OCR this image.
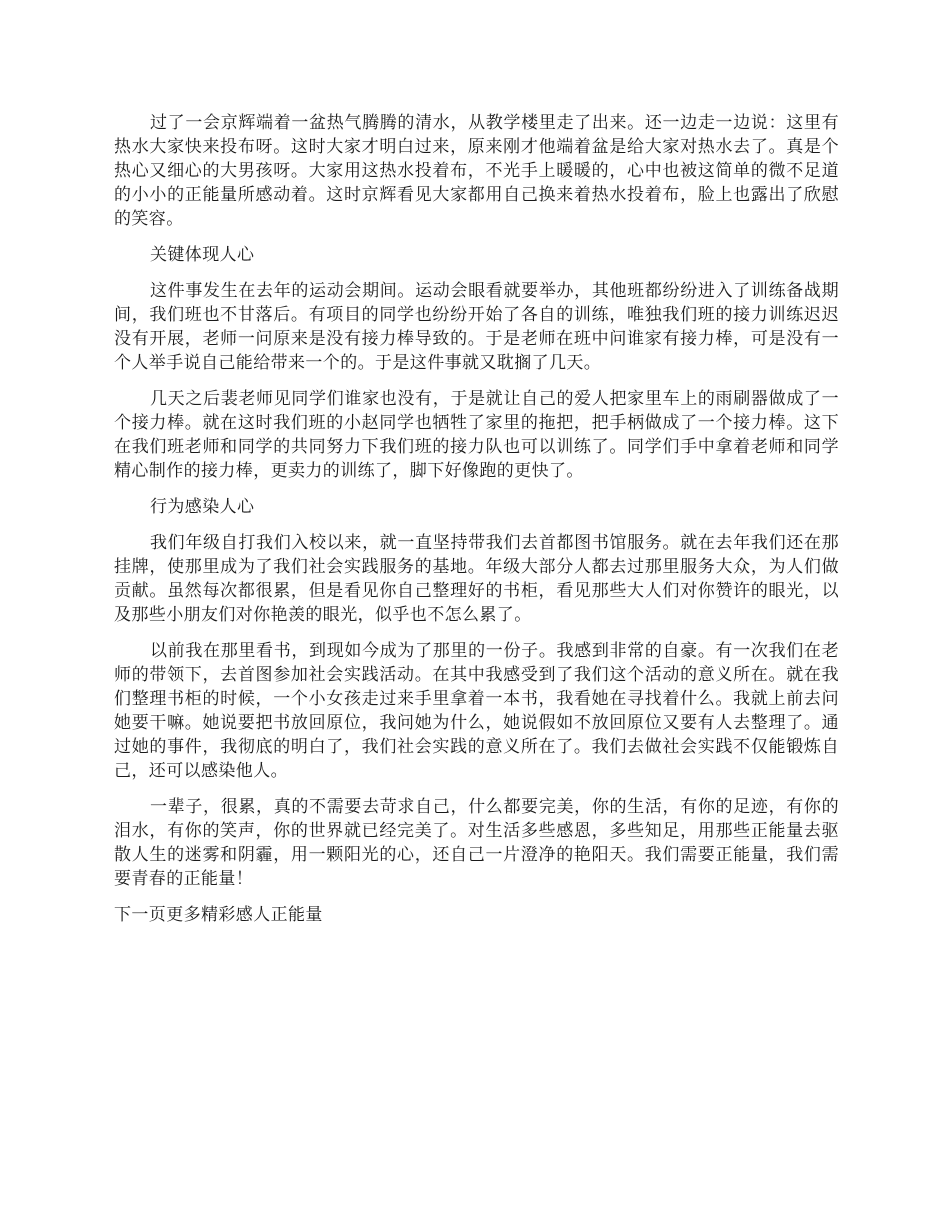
过了一会京辉端着一盆热气腾腾的清水，从教学楼里走了出来。还一边走一边说：这里有热水大家快来投布呀。这时大家才明白过来，原来刚才他端着盆是给大家对热水去了。真是个热心又细心的大男孩呀。大家用这热水投着布，不光手上暖暖的，心中也被这简单的微不足道的小小的正能量所感动着。这时京辉看见大家都用自己换来着热水投着布，脸上也露出了欣慰的笑容。

关键体现人心

这件事发生在去年的运动会期间。运动会眼看就要举办，其他班都纷纷进入了训练备战期间，我们班也不甘落后。有项目的同学也纷纷开始了各自的训练，唯独我们班的接力训练迟迟没有开展，老师一问原来是没有接力棒导致的。于是老师在班中问谁家有接力棒，可是没有一个人举手说自己能给带来一个的。于是这件事就又耽搁了几天。

几天之后裴老师见同学们谁家也没有，于是就让自己的爱人把家里车上的雨刷器做成了一个接力棒。就在这时我们班的小赵同学也牺牲了家里的拖把，把手柄做成了一个接力棒。这下在我们班老师和同学的共同努力下我们班的接力队也可以训练了。同学们手中拿着老师和同学精心制作的接力棒，更卖力的训练了，脚下好像跑的更快了。

行为感染人心

我们年级自打我们入校以来，就一直坚持带我们去首都图书馆服务。就在去年我们还在那挂牌，使那里成为了我们社会实践服务的基地。年级大部分人都去过那里服务大众，为人们做贡献。虽然每次都很累，但是看见你自己整理好的书柜，看见那些大人们对你赞许的眼光，以及那些小朋友们对你艳羡的眼光，似乎也不怎么累了。

以前我在那里看书，到现如今成为了那里的一份子。我感到非常的自豪。有一次我们在老师的带领下，去首图参加社会实践活动。在其中我感受到了我们这个活动的意义所在。就在我们整理书柜的时候，一个小女孩走过来手里拿着一本书，我看她在寻找着什么。我就上前去问她要干嘛。她说要把书放回原位，我问她为什么，她说假如不放回原位又要有人去整理了。通过她的事件，我彻底的明白了，我们社会实践的意义所在了。我们去做社会实践不仅能锻炼自己，还可以感染他人。

一辈子，很累，真的不需要去苛求自己，什么都要完美，你的生活，有你的足迹，有你的泪水，有你的笑声，你的世界就已经完美了。对生活多些感恩，多些知足，用那些正能量去驱散人生的迷雾和阴霾，用一颗阳光的心，还自己一片澄净的艳阳天。我们需要正能量，我们需要青春的正能量！

下一页更多精彩感人正能量
